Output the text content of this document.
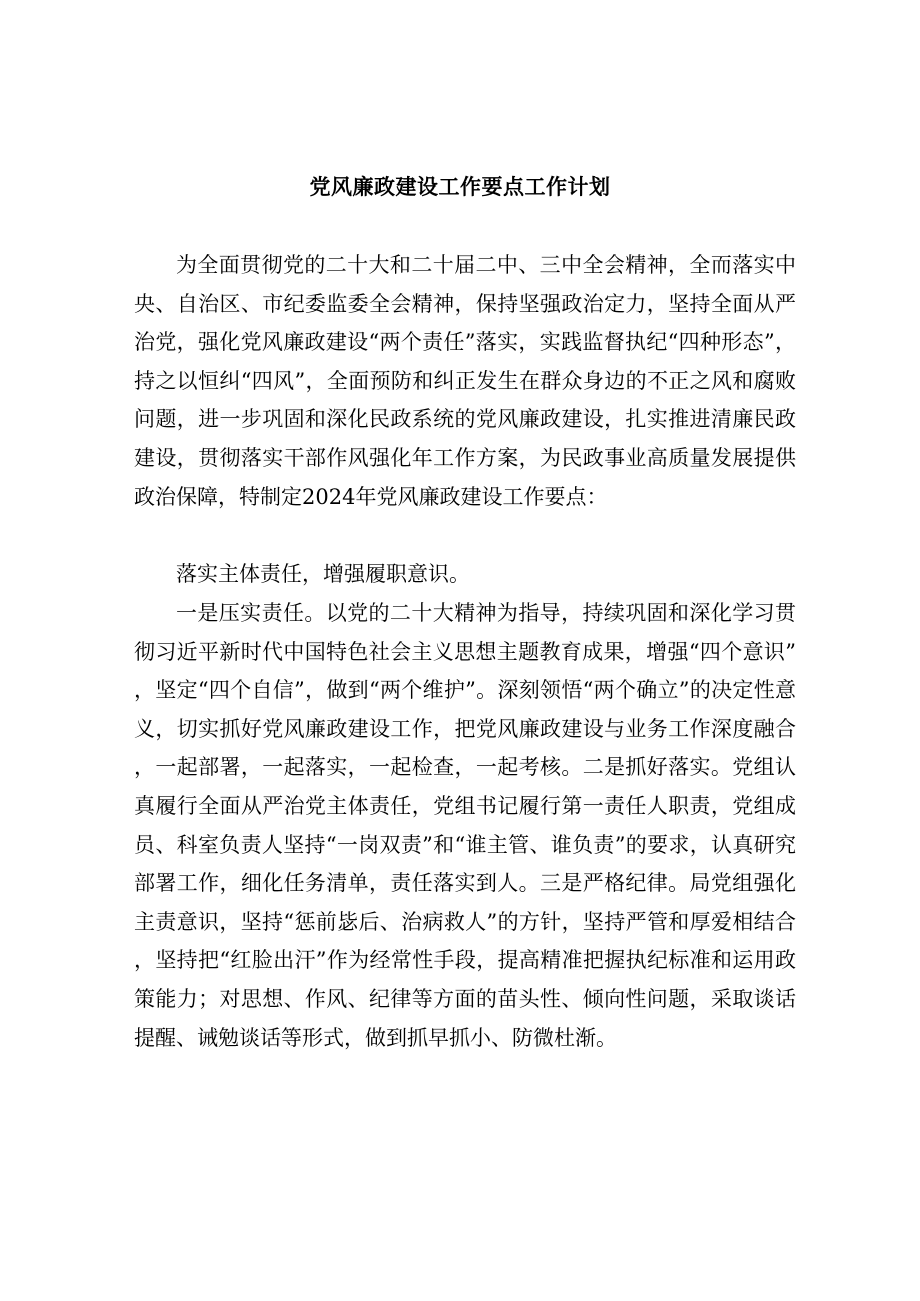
党风廉政建设工作要点工作计划

为全面贯彻党的二十大和二十届二中、三中全会精神，全而落实中央、自治区、市纪委监委全会精神，保持坚强政治定力，坚持全面从严治党，强化党风廉政建设“两个责任”落实，实践监督执纪“四种形态”，持之以恒纠“四风”，全面预防和纠正发生在群众身边的不正之风和腐败问题，进一步巩固和深化民政系统的党风廉政建设，扎实推进清廉民政建设，贯彻落实干部作风强化年工作方案，为民政事业高质量发展提供政治保障，特制定2024年党风廉政建设工作要点：

落实主体责任，增强履职意识。

一是压实责任。以党的二十大精神为指导，持续巩固和深化学习贯彻习近平新时代中国特色社会主义思想主题教育成果，增强“四个意识”，坚定“四个自信”，做到“两个维护”。深刻领悟“两个确立”的决定性意义，切实抓好党风廉政建设工作，把党风廉政建设与业务工作深度融合，一起部署，一起落实，一起检查，一起考核。二是抓好落实。党组认真履行全面从严治党主体责任，党组书记履行第一责任人职责，党组成员、科室负责人坚持“一岗双责”和“谁主管、谁负责”的要求，认真研究部署工作，细化任务清单，责任落实到人。三是严格纪律。局党组强化主责意识，坚持“惩前毖后、治病救人”的方针，坚持严管和厚爱相结合，坚持把“红脸出汗”作为经常性手段，提高精准把握执纪标准和运用政策能力；对思想、作风、纪律等方面的苗头性、倾向性问题，采取谈话提醒、诫勉谈话等形式，做到抓早抓小、防微杜渐。
